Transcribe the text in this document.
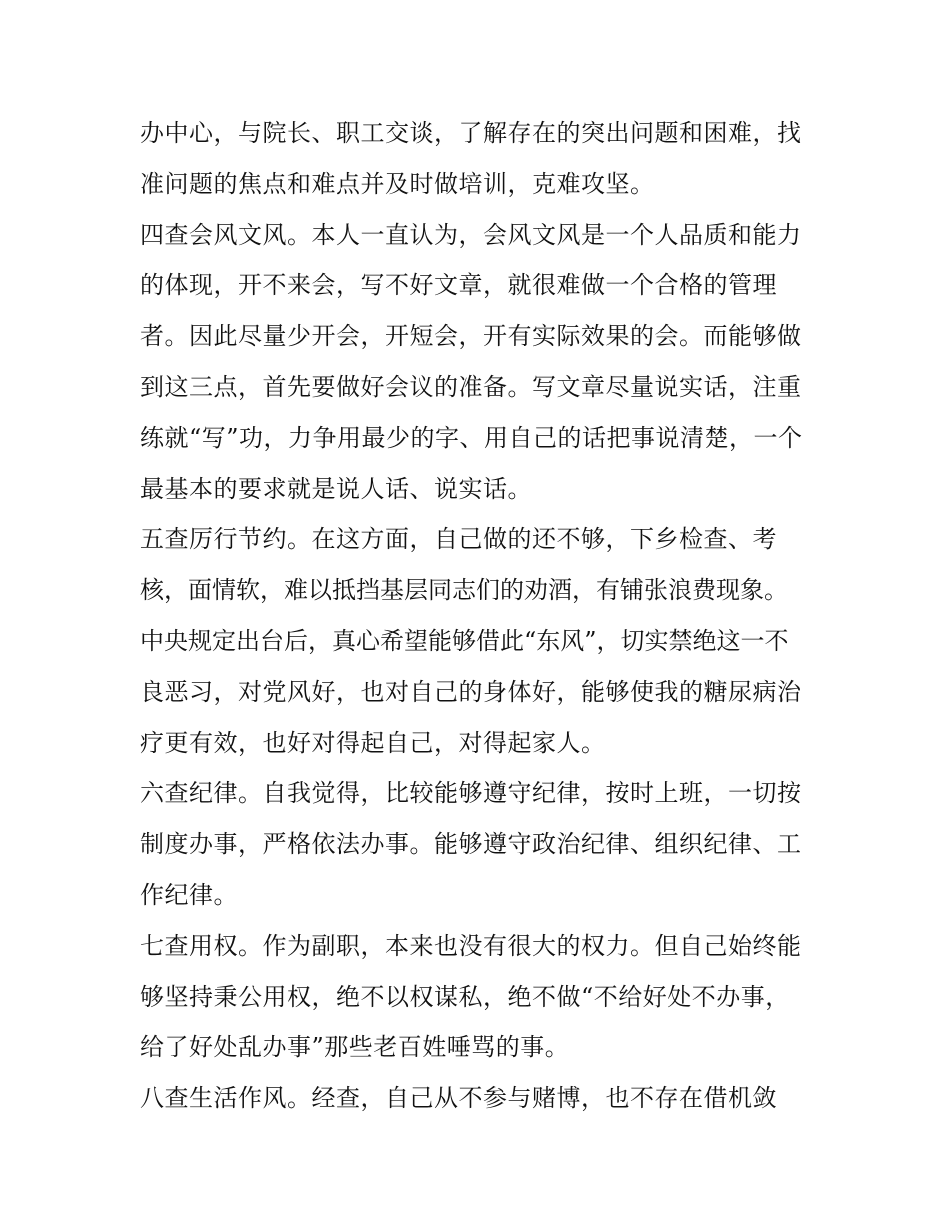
办中心，与院长、职工交谈，了解存在的突出问题和困难，找
准问题的焦点和难点并及时做培训，克难攻坚。
四查会风文风。本人一直认为，会风文风是一个人品质和能力
的体现，开不来会，写不好文章，就很难做一个合格的管理
者。因此尽量少开会，开短会，开有实际效果的会。而能够做
到这三点，首先要做好会议的准备。写文章尽量说实话，注重
练就“写”功，力争用最少的字、用自己的话把事说清楚，一个
最基本的要求就是说人话、说实话。
五查厉行节约。在这方面，自己做的还不够，下乡检查、考
核，面情软，难以抵挡基层同志们的劝酒，有铺张浪费现象。
中央规定出台后，真心希望能够借此“东风”，切实禁绝这一不
良恶习，对党风好，也对自己的身体好，能够使我的糖尿病治
疗更有效，也好对得起自己，对得起家人。
六查纪律。自我觉得，比较能够遵守纪律，按时上班，一切按
制度办事，严格依法办事。能够遵守政治纪律、组织纪律、工
作纪律。
七查用权。作为副职，本来也没有很大的权力。但自己始终能
够坚持秉公用权，绝不以权谋私，绝不做“不给好处不办事，
给了好处乱办事”那些老百姓唾骂的事。
八查生活作风。经查，自己从不参与赌博，也不存在借机敛
